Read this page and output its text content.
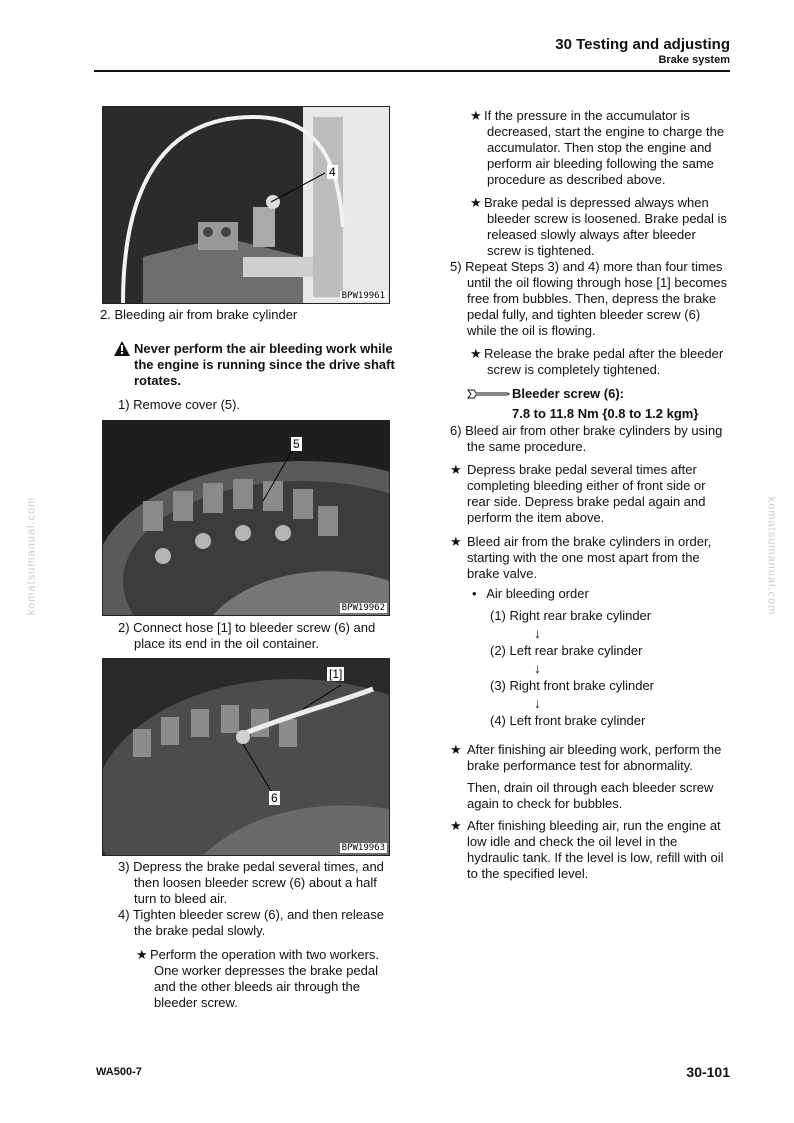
30 Testing and adjusting
Brake system
komatsumanual.com	komatsumanual.com
4
BPW19961
2. Bleeding air from brake cylinder
Never perform the air bleeding work while
the engine is running since the drive shaft
rotates.
1) Remove cover (5).
5
BPW19962
2) Connect hose [1] to bleeder screw (6) and
place its end in the oil container.
[1]
6
BPW19963
3) Depress the brake pedal several times, and
then loosen bleeder screw (6) about a half
turn to bleed air.
4) Tighten bleeder screw (6), and then release
the brake pedal slowly.
★ Perform the operation with two workers.
One worker depresses the brake pedal
and the other bleeds air through the
bleeder screw.
★ If the pressure in the accumulator is
decreased, start the engine to charge the
accumulator. Then stop the engine and
perform air bleeding following the same
procedure as described above.
★ Brake pedal is depressed always when
bleeder screw is loosened. Brake pedal is
released slowly always after bleeder
screw is tightened.
5) Repeat Steps 3) and 4) more than four times
until the oil flowing through hose [1] becomes
free from bubbles. Then, depress the brake
pedal fully, and tighten bleeder screw (6)
while the oil is flowing.
★ Release the brake pedal after the bleeder
screw is completely tightened.
Bleeder screw (6):
7.8 to 11.8 Nm {0.8 to 1.2 kgm}
6) Bleed air from other brake cylinders by using
the same procedure.
★ Depress brake pedal several times after
completing bleeding either of front side or
rear side. Depress brake pedal again and
perform the item above.
★ Bleed air from the brake cylinders in order,
starting with the one most apart from the
brake valve.
• Air bleeding order
(1) Right rear brake cylinder
↓
(2) Left rear brake cylinder
↓
(3) Right front brake cylinder
↓
(4) Left front brake cylinder
★ After finishing air bleeding work, perform the
brake performance test for abnormality.
Then, drain oil through each bleeder screw
again to check for bubbles.
★ After finishing bleeding air, run the engine at
low idle and check the oil level in the
hydraulic tank. If the level is low, refill with oil
to the specified level.
WA500-7	30-101
